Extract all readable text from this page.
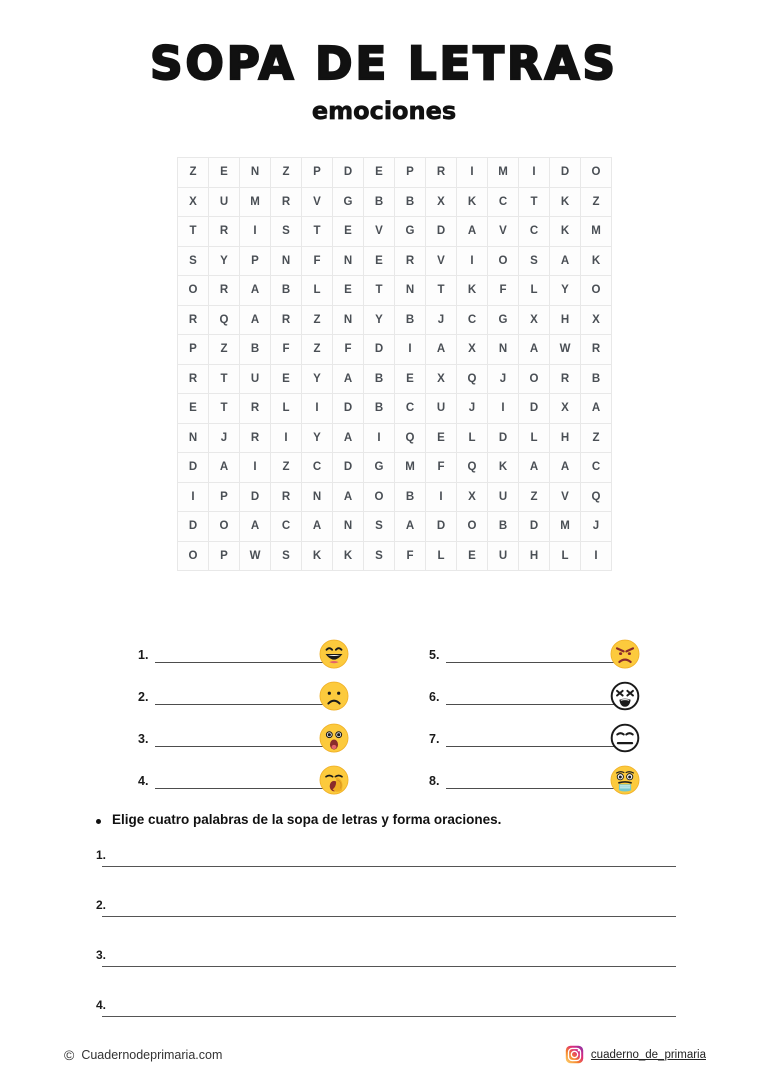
SOPA DE LETRAS
emociones
Z	E	N	Z	P	D	E	P	R	I	M	I	D	O
X	U	M	R	V	G	B	B	X	K	C	T	K	Z
T	R	I	S	T	E	V	G	D	A	V	C	K	M
S	Y	P	N	F	N	E	R	V	I	O	S	A	K
O	R	A	B	L	E	T	N	T	K	F	L	Y	O
R	Q	A	R	Z	N	Y	B	J	C	G	X	H	X
P	Z	B	F	Z	F	D	I	A	X	N	A	W	R
R	T	U	E	Y	A	B	E	X	Q	J	O	R	B
E	T	R	L	I	D	B	C	U	J	I	D	X	A
N	J	R	I	Y	A	I	Q	E	L	D	L	H	Z
D	A	I	Z	C	D	G	M	F	Q	K	A	A	C
I	P	D	R	N	A	O	B	I	X	U	Z	V	Q
D	O	A	C	A	N	S	A	D	O	B	D	M	J
O	P	W	S	K	K	S	F	L	E	U	H	L	I
1.
2.
3.
4.
5.
6.
7.
8.
Elige cuatro palabras de la sopa de letras y forma oraciones.
1.
2.
3.
4.
© Cuadernodeprimaria.com	cuaderno_de_primaria
